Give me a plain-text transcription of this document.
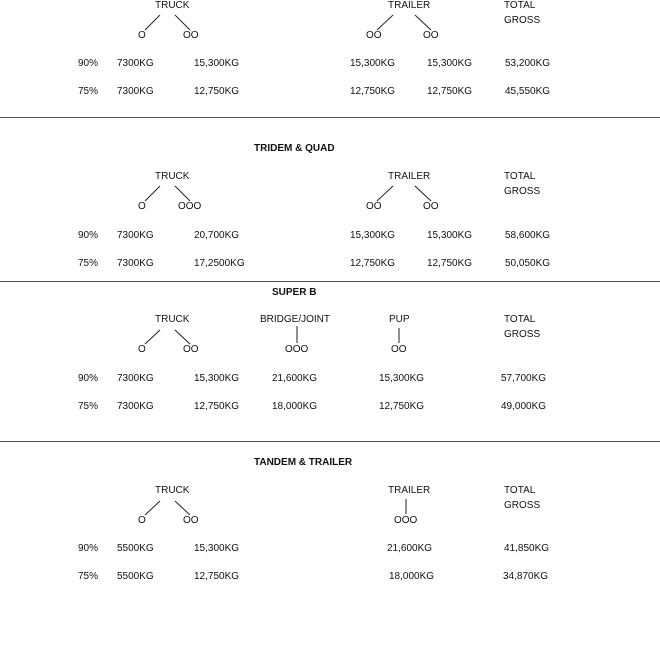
TRUCK	TRAILER	TOTAL
GROSS
O	OO	OO	OO
90% 7300KG	15,300KG	15,300KG	15,300KG	53,200KG
75% 7300KG	12,750KG	12,750KG	12,750KG	45,550KG
TRIDEM & QUAD
TRUCK	TRAILER	TOTAL
GROSS
O	OOO	OO	OO
90% 7300KG	20,700KG	15,300KG	15,300KG	58,600KG
75% 7300KG	17,2500KG	12,750KG	12,750KG	50,050KG
SUPER B
TRUCK	BRIDGE/JOINT	PUP	TOTAL
GROSS
O	OO	OOO	OO
90% 7300KG	15,300KG	21,600KG	15,300KG	57,700KG
75% 7300KG	12,750KG	18,000KG	12,750KG	49,000KG
TANDEM & TRAILER
TRUCK	TRAILER	TOTAL
GROSS
O	OO	OOO
90% 5500KG	15,300KG	21,600KG	41,850KG
75% 5500KG	12,750KG	18,000KG	34,870KG
